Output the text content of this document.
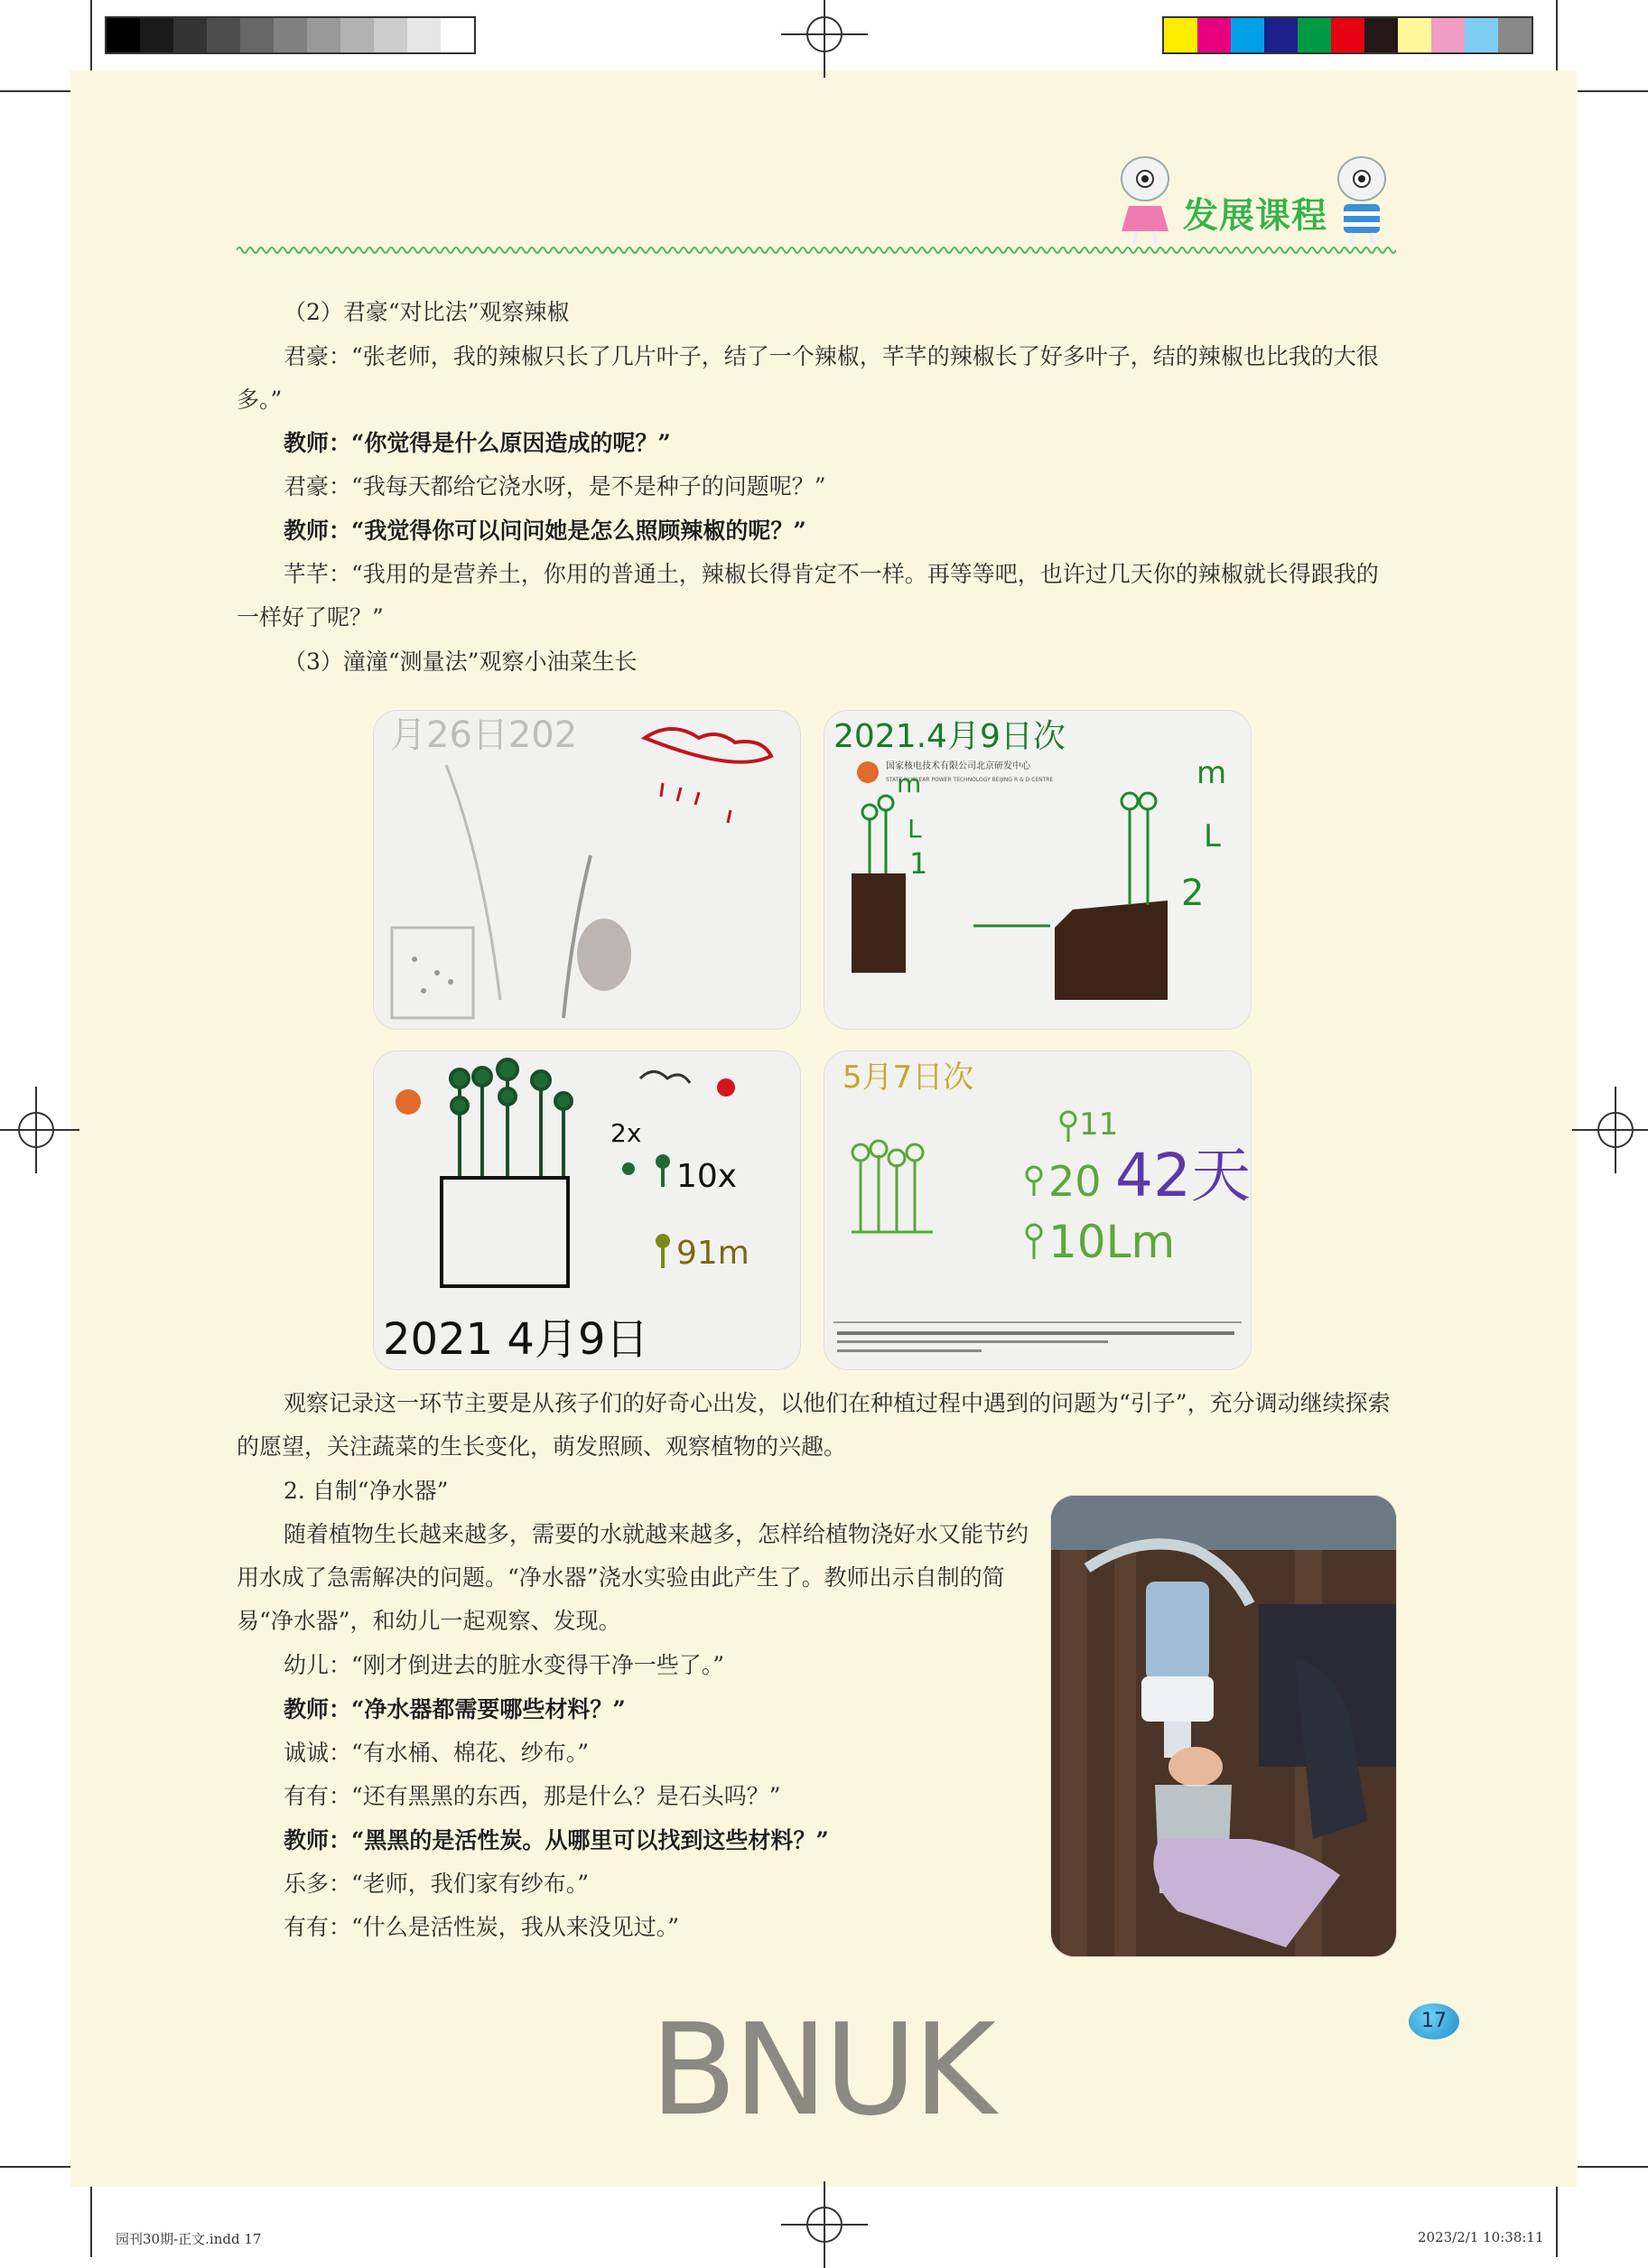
发展课程

（2）君豪“对比法”观察辣椒

君豪：“张老师，我的辣椒只长了几片叶子，结了一个辣椒，芊芊的辣椒长了好多叶子，结的辣椒也比我的大很多。”

教师：“你觉得是什么原因造成的呢？”

君豪：“我每天都给它浇水呀，是不是种子的问题呢？”

教师：“我觉得你可以问问她是怎么照顾辣椒的呢？”

芊芊：“我用的是营养土，你用的普通土，辣椒长得肯定不一样。再等等吧，也许过几天你的辣椒就长得跟我的一样好了呢？”

（3）潼潼“测量法”观察小油菜生长

月26日202	2021.4月9日次
国家核电技术有限公司北京研发中心
STATE NUCLEAR POWER TECHNOLOGY BEIJING R & D CENTRE
m
L
1
m
L
2
2x
10x
91m
2021 4月9日
5月7日次
11
20 42天
10Lm

观察记录这一环节主要是从孩子们的好奇心出发，以他们在种植过程中遇到的问题为“引子”，充分调动继续探索的愿望，关注蔬菜的生长变化，萌发照顾、观察植物的兴趣。

2. 自制“净水器”

随着植物生长越来越多，需要的水就越来越多，怎样给植物浇好水又能节约用水成了急需解决的问题。“净水器”浇水实验由此产生了。教师出示自制的简易“净水器”，和幼儿一起观察、发现。

幼儿：“刚才倒进去的脏水变得干净一些了。”

教师：“净水器都需要哪些材料？”

诚诚：“有水桶、棉花、纱布。”

有有：“还有黑黑的东西，那是什么？是石头吗？”

教师：“黑黑的是活性炭。从哪里可以找到这些材料？”

乐多：“老师，我们家有纱布。”

有有：“什么是活性炭，我从来没见过。”

17
BNUK
园刊30期-正文.indd 17	2023/2/1 10:38:11
